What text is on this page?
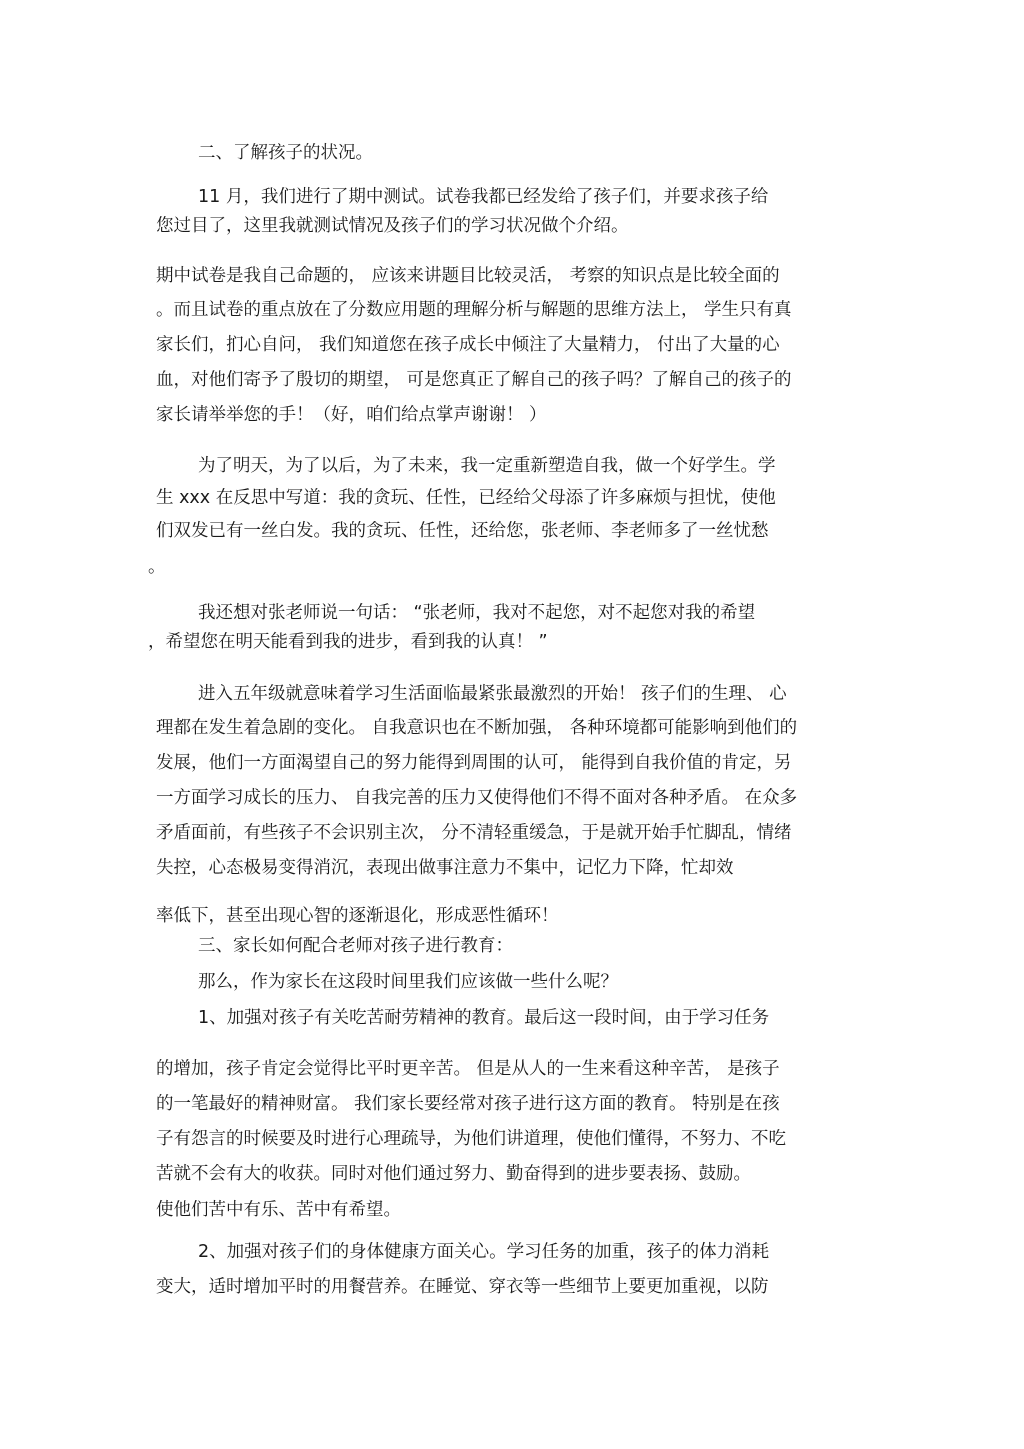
二、了解孩子的状况。
11 月，我们进行了期中测试。试卷我都已经发给了孩子们，并要求孩子给
您过目了，这里我就测试情况及孩子们的学习状况做个介绍。
期中试卷是我自己命题的， 应该来讲题目比较灵活， 考察的知识点是比较全面的
。而且试卷的重点放在了分数应用题的理解分析与解题的思维方法上， 学生只有真
家长们，扪心自问， 我们知道您在孩子成长中倾注了大量精力， 付出了大量的心
血，对他们寄予了殷切的期望， 可是您真正了解自己的孩子吗？了解自己的孩子的
家长请举举您的手！（好，咱们给点掌声谢谢！ ）
为了明天，为了以后，为了未来，我一定重新塑造自我，做一个好学生。学
生 xxx 在反思中写道：我的贪玩、任性，已经给父母添了许多麻烦与担忧，使他
们双发已有一丝白发。我的贪玩、任性，还给您，张老师、李老师多了一丝忧愁
。
我还想对张老师说一句话： “张老师，我对不起您，对不起您对我的希望
，希望您在明天能看到我的进步，看到我的认真！ ”
进入五年级就意味着学习生活面临最紧张最激烈的开始！ 孩子们的生理、 心
理都在发生着急剧的变化。 自我意识也在不断加强， 各种环境都可能影响到他们的
发展，他们一方面渴望自己的努力能得到周围的认可， 能得到自我价值的肯定，另
一方面学习成长的压力、 自我完善的压力又使得他们不得不面对各种矛盾。 在众多
矛盾面前，有些孩子不会识别主次， 分不清轻重缓急，于是就开始手忙脚乱，情绪
失控，心态极易变得消沉，表现出做事注意力不集中，记忆力下降，忙却效
率低下，甚至出现心智的逐渐退化，形成恶性循环！
三、家长如何配合老师对孩子进行教育：
那么，作为家长在这段时间里我们应该做一些什么呢？
1、加强对孩子有关吃苦耐劳精神的教育。最后这一段时间，由于学习任务
的增加，孩子肯定会觉得比平时更辛苦。 但是从人的一生来看这种辛苦， 是孩子
的一笔最好的精神财富。 我们家长要经常对孩子进行这方面的教育。 特别是在孩
子有怨言的时候要及时进行心理疏导，为他们讲道理，使他们懂得，不努力、不吃
苦就不会有大的收获。同时对他们通过努力、勤奋得到的进步要表扬、鼓励。
使他们苦中有乐、苦中有希望。
2、加强对孩子们的身体健康方面关心。学习任务的加重，孩子的体力消耗
变大，适时增加平时的用餐营养。在睡觉、穿衣等一些细节上要更加重视，以防
